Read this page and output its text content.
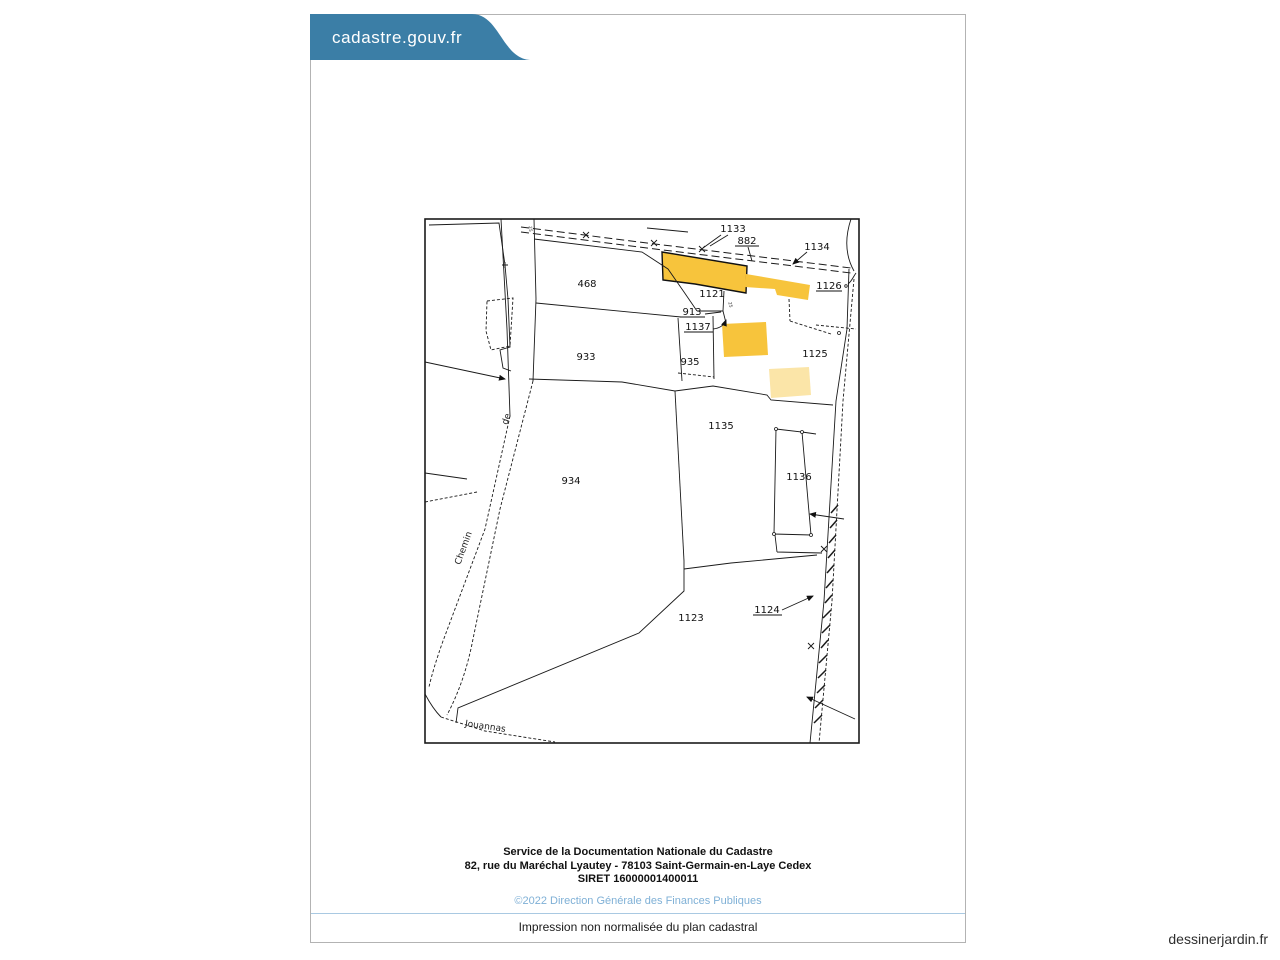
cadastre.gouv.fr
1133
882
1134
468
1121
1126
913
1137
933	935
1125
1135
934	1136
1123
1124
Chemin
de
Jouannas
25
25
Service de la Documentation Nationale du Cadastre
82, rue du Maréchal Lyautey - 78103 Saint-Germain-en-Laye Cedex
SIRET 16000001400011
©2022 Direction Générale des Finances Publiques
Impression non normalisée du plan cadastral
dessinerjardin.fr
